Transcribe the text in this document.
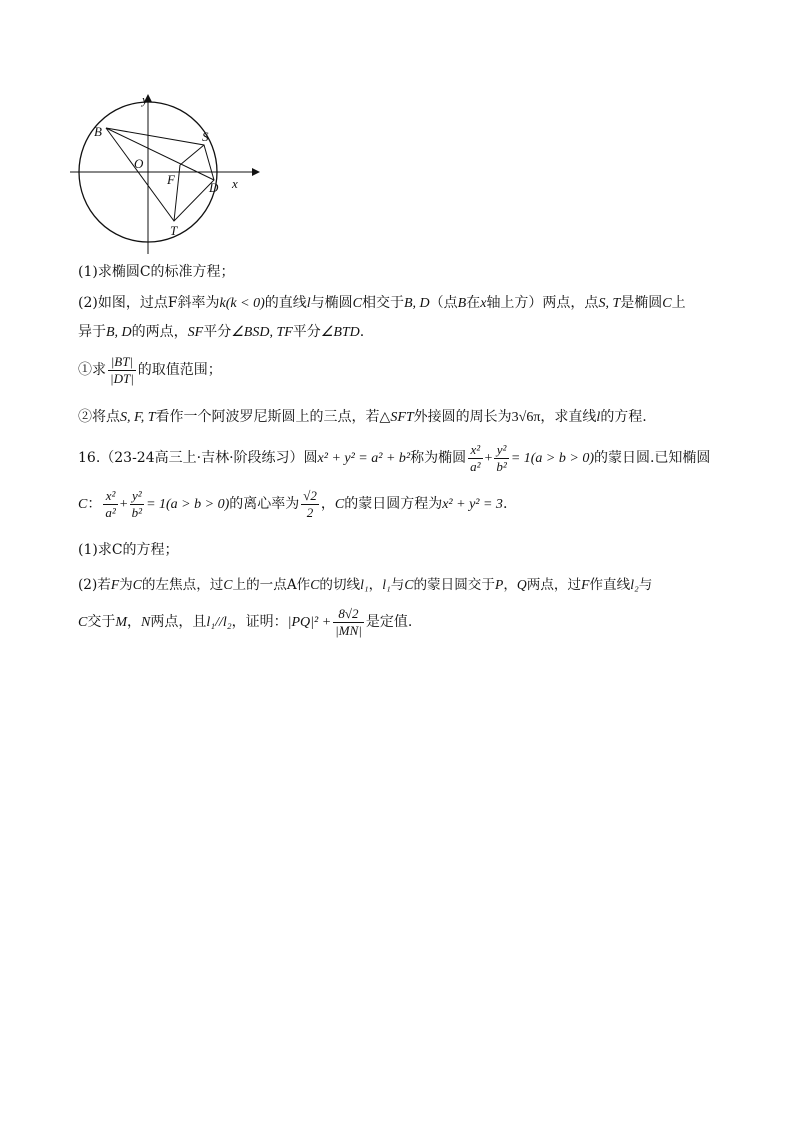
y
x
B	S
O
F
D
T
(1)求椭圆C的标准方程；
(2)如图，过点F斜率为k(k < 0)的直线l与椭圆C相交于B, D（点B在x轴上方）两点，点S, T是椭圆C上
异于B, D的两点，SF平分∠BSD, TF平分∠BTD.
①求 $\frac{|BT|}{|DT|}$ 的取值范围；
②将点S, F, T看作一个阿波罗尼斯圆上的三点，若△SFT外接圆的周长为3√6π，求直线l的方程.
16.（23-24高三上·吉林·阶段练习）圆x² + y² = a² + b²称为椭圆 $\frac{\text{x²}}{\text{a²}} + \frac{\text{y²}}{\text{b²}} = 1(a > b > 0)$的蒙日圆.已知椭圆
C： $\frac{\text{x²}}{\text{a²}} + \frac{\text{y²}}{\text{b²}} = 1(a > b > 0)$的离心率为 $\frac{√2}{2}$ ，C的蒙日圆方程为x² + y² = 3.
(1)求C的方程；
(2)若F为C的左焦点，过C上的一点A作C的切线l₁，l₁与C的蒙日圆交于P，Q两点，过F作直线l₂与
C交于M，N两点，且l₁//l₂，证明：$|PQ|^2 + \frac{8√2}{|MN|}$ 是定值.
